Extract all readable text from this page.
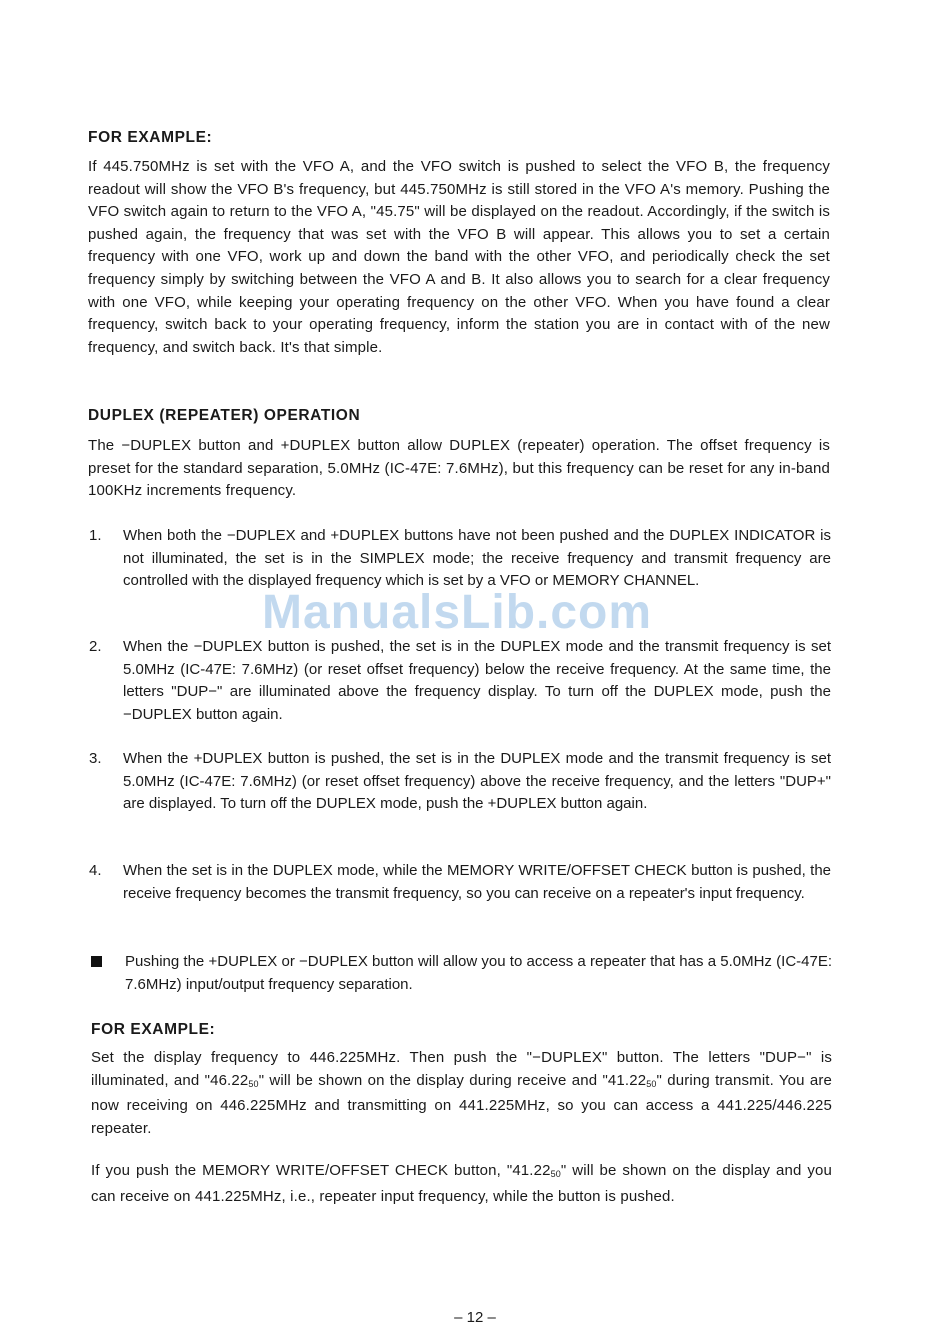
FOR EXAMPLE:

If 445.750MHz is set with the VFO A, and the VFO switch is pushed to select the VFO B, the frequency readout will show the VFO B's frequency, but 445.750MHz is still stored in the VFO A's memory. Pushing the VFO switch again to return to the VFO A, "45.75" will be displayed on the readout. Accordingly, if the switch is pushed again, the frequency that was set with the VFO B will appear. This allows you to set a certain frequency with one VFO, work up and down the band with the other VFO, and periodically check the set frequency simply by switching between the VFO A and B. It also allows you to search for a clear frequency with one VFO, while keeping your operating frequency on the other VFO. When you have found a clear frequency, switch back to your operating frequency, inform the station you are in contact with of the new frequency, and switch back. It's that simple.

DUPLEX (REPEATER) OPERATION

The −DUPLEX button and +DUPLEX button allow DUPLEX (repeater) operation. The offset frequency is preset for the standard separation, 5.0MHz (IC-47E: 7.6MHz), but this frequency can be reset for any in-band 100KHz increments frequency.

1. When both the −DUPLEX and +DUPLEX buttons have not been pushed and the DUPLEX INDICATOR is not illuminated, the set is in the SIMPLEX mode; the receive frequency and transmit frequency are controlled with the displayed frequency which is set by a VFO or MEMORY CHANNEL.

2. When the −DUPLEX button is pushed, the set is in the DUPLEX mode and the transmit frequency is set 5.0MHz (IC-47E: 7.6MHz) (or reset offset frequency) below the receive frequency. At the same time, the letters "DUP−" are illuminated above the frequency display. To turn off the DUPLEX mode, push the −DUPLEX button again.

3. When the +DUPLEX button is pushed, the set is in the DUPLEX mode and the transmit frequency is set 5.0MHz (IC-47E: 7.6MHz) (or reset offset frequency) above the receive frequency, and the letters "DUP+" are displayed. To turn off the DUPLEX mode, push the +DUPLEX button again.

4. When the set is in the DUPLEX mode, while the MEMORY WRITE/OFFSET CHECK button is pushed, the receive frequency becomes the transmit frequency, so you can receive on a repeater's input frequency.

Pushing the +DUPLEX or −DUPLEX button will allow you to access a repeater that has a 5.0MHz (IC-47E: 7.6MHz) input/output frequency separation.

FOR EXAMPLE:

Set the display frequency to 446.225MHz. Then push the "−DUPLEX" button. The letters "DUP−" is illuminated, and "$46.22_{50}$" will be shown on the display during receive and "$41.22_{50}$" during transmit. You are now receiving on 446.225MHz and transmitting on 441.225MHz, so you can access a 441.225/446.225 repeater.

If you push the MEMORY WRITE/OFFSET CHECK button, "$41.22_{50}$" will be shown on the display and you can receive on 441.225MHz, i.e., repeater input frequency, while the button is pushed.

ManualsLib.com
– 12 –
